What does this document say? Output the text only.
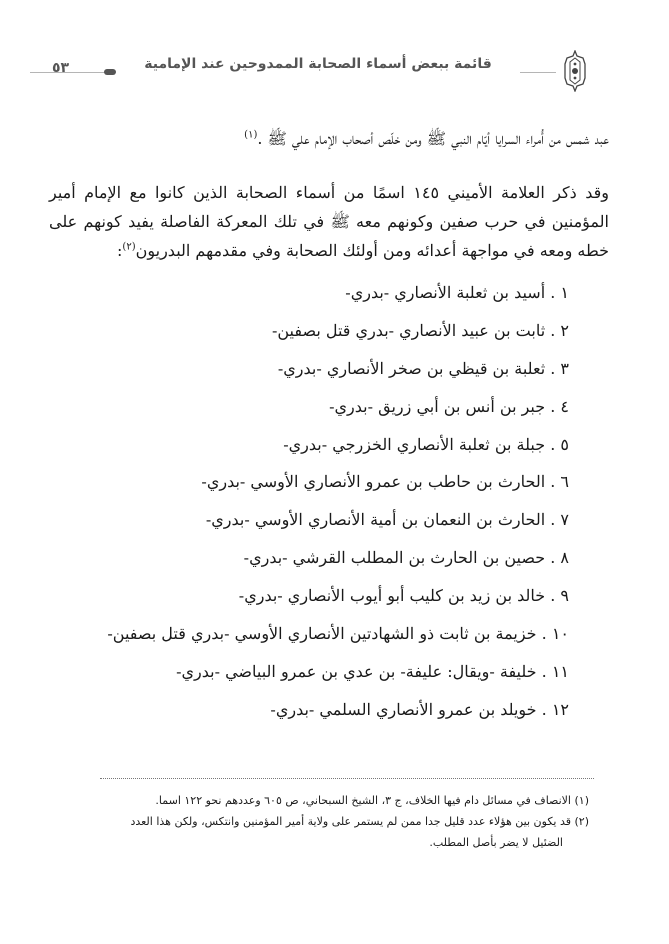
٥٣	قائمة ببعض أسماء الصحابة الممدوحين عند الإمامية
عبد شمس من أُمراء السرايا أيّام النبي ﷺ ومن خلّص أصحاب الإمام علي ﷺ .$^{(١)}$
وقد ذكر العلامة الأميني ١٤٥ اسمًا من أسماء الصحابة الذين كانوا مع الإمام أمير المؤمنين في حرب صفين وكونهم معه ﷺ في تلك المعركة الفاصلة يفيد كونهم على خطه ومعه في مواجهة أعدائه ومن أولئك الصحابة وفي مقدمهم البدريون$^{(٢)}$:
١ . أسيد بن ثعلبة الأنصاري -بدري-
٢ . ثابت بن عبيد الأنصاري -بدري قتل بصفين-
٣ . ثعلبة بن قيظي بن صخر الأنصاري -بدري-
٤ . جبر بن أنس بن أبي زريق -بدري-
٥ . جبلة بن ثعلبة الأنصاري الخزرجي -بدري-
٦ . الحارث بن حاطب بن عمرو الأنصاري الأوسي -بدري-
٧ . الحارث بن النعمان بن أمية الأنصاري الأوسي -بدري-
٨ . حصين بن الحارث بن المطلب القرشي -بدري-
٩ . خالد بن زيد بن كليب أبو أيوب الأنصاري -بدري-
١٠ . خزيمة بن ثابت ذو الشهادتين الأنصاري الأوسي -بدري قتل بصفين-
١١ . خليفة -ويقال: عليفة- بن عدي بن عمرو البياضي -بدري-
١٢ . خويلد بن عمرو الأنصاري السلمي -بدري-
(١) الانصاف في مسائل دام فيها الخلاف، ج ٣، الشيخ السبحاني، ص ٦٠٥ وعددهم نحو ١٢٢ اسما.
(٢) قد يكون بين هؤلاء عدد قليل جدا ممن لم يستمر على ولاية أمير المؤمنين وانتكس، ولكن هذا العدد
الضئيل لا يضر بأصل المطلب.
